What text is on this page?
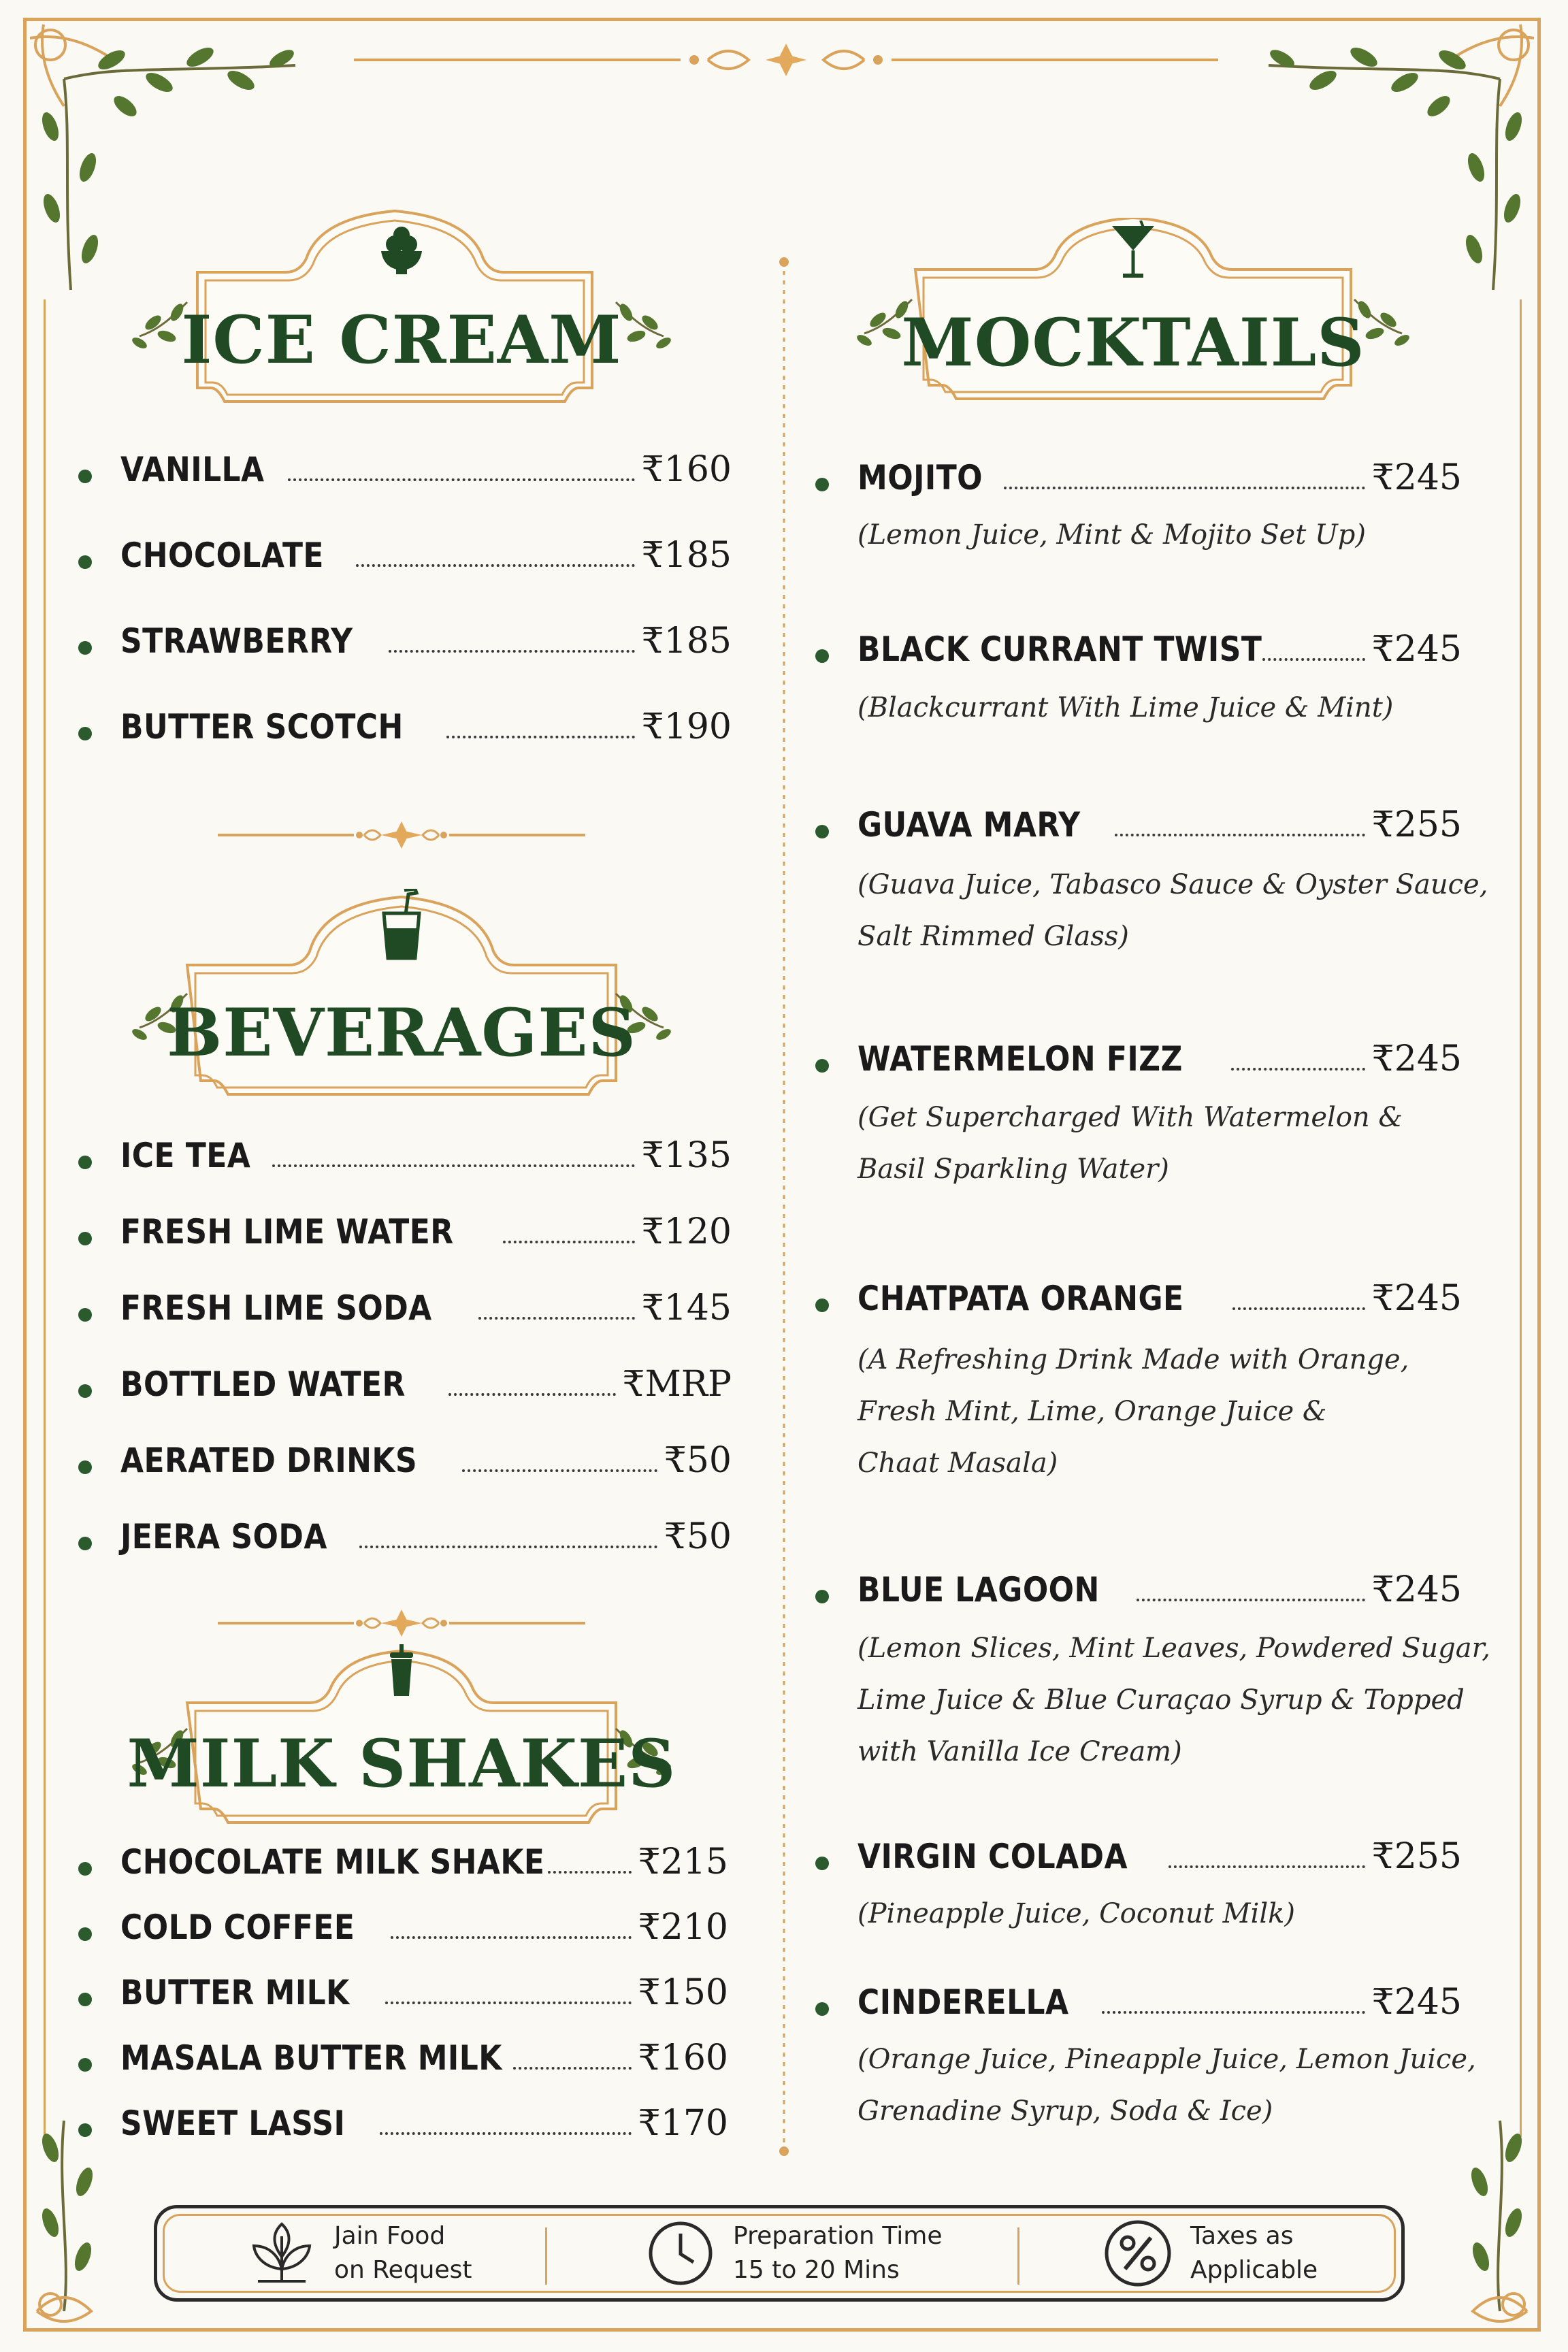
ICE CREAM
VANILLA	₹160
CHOCOLATE	₹185
STRAWBERRY	₹185
BUTTER SCOTCH	₹190
BEVERAGES
ICE TEA	₹135
FRESH LIME WATER	₹120
FRESH LIME SODA	₹145
BOTTLED WATER	₹MRP
AERATED DRINKS	₹50
JEERA SODA	₹50
MILK SHAKES
CHOCOLATE MILK SHAKE	₹215
COLD COFFEE	₹210
BUTTER MILK	₹150
MASALA BUTTER MILK	₹160
SWEET LASSI	₹170
MOCKTAILS
MOJITO	₹245
(Lemon Juice, Mint & Mojito Set Up)
BLACK CURRANT TWIST	₹245
(Blackcurrant With Lime Juice & Mint)
GUAVA MARY	₹255
(Guava Juice, Tabasco Sauce & Oyster Sauce,
Salt Rimmed Glass)
WATERMELON FIZZ	₹245
(Get Supercharged With Watermelon &
Basil Sparkling Water)
CHATPATA ORANGE	₹245
(A Refreshing Drink Made with Orange,
Fresh Mint, Lime, Orange Juice &
Chaat Masala)
BLUE LAGOON	₹245
(Lemon Slices, Mint Leaves, Powdered Sugar,
Lime Juice & Blue Curaçao Syrup & Topped
with Vanilla Ice Cream)
VIRGIN COLADA	₹255
(Pineapple Juice, Coconut Milk)
CINDERELLA	₹245
(Orange Juice, Pineapple Juice, Lemon Juice,
Grenadine Syrup, Soda & Ice)
Jain Food
on Request
Preparation Time
15 to 20 Mins
Taxes as
Applicable
